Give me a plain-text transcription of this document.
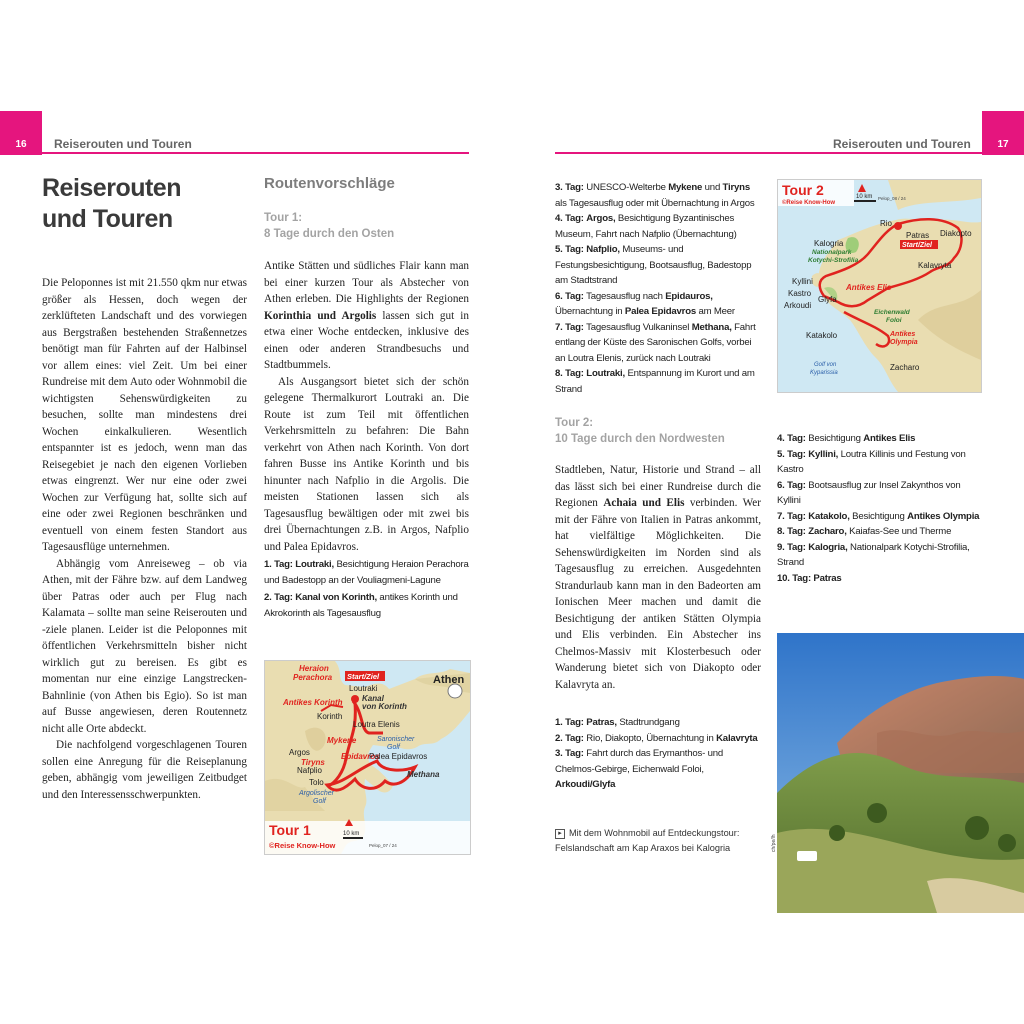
16	Reiserouten und Touren
Reiserouten
und Touren

Die Peloponnes ist mit 21.550 qkm nur etwas größer als Hessen, doch wegen der zerklüfteten Landschaft und des vorwiegen aus Bergstraßen bestehenden Straßennetzes benötigt man für Fahrten auf der Halbinsel vor allem eines: viel Zeit. Um bei einer Rundreise mit dem Auto oder Wohnmobil die wichtigsten Sehenswürdigkeiten zu besuchen, sollte man mindestens drei Wochen einkalkulieren. Wesentlich entspannter ist es jedoch, wenn man das Reisegebiet je nach den eigenen Vorlieben etwas eingrenzt. Wer nur eine oder zwei Wochen zur Verfügung hat, sollte sich auf eine oder zwei Regionen beschränken und eventuell von einem festen Standort aus Tagesausflüge unternehmen.

Abhängig vom Anreiseweg – ob via Athen, mit der Fähre bzw. auf dem Landweg über Patras oder auch per Flug nach Kalamata – sollte man seine Reiserouten und -ziele planen. Leider ist die Peloponnes mit öffentlichen Verkehrsmitteln bisher nicht wirklich gut zu bereisen. Es gibt es momentan nur eine einzige Langstrecken-Bahnlinie (von Athen bis Egio). So ist man auf Busse angewiesen, deren Routennetz nicht alle Orte abdeckt.

Die nachfolgend vorgeschlagenen Touren sollen eine Anregung für die Reiseplanung geben, abhängig vom jeweiligen Zeitbudget und den Interessensschwerpunkten.

Routenvorschläge
Tour 1:
8 Tage durch den Osten

Antike Stätten und südliches Flair kann man bei einer kurzen Tour als Abstecher von Athen erleben. Die Highlights der Regionen Korinthia und Argolis lassen sich gut in etwa einer Woche entdecken, inklusive des einen oder anderen Strandbesuchs und Stadtbummels.

Als Ausgangsort bietet sich der schön gelegene Thermalkurort Loutraki an. Die Route ist zum Teil mit öffentlichen Verkehrsmitteln zu befahren: Die Bahn verkehrt von Athen nach Korinth. Von dort fahren Busse ins Antike Korinth und bis hinunter nach Nafplio in die Argolis. Die meisten Stationen lassen sich als Tagesausflug bewältigen oder mit zwei bis drei Übernachtungen z.B. in Argos, Nafplio und Palea Epidavros.

1. Tag: Loutraki, Besichtigung Heraion Perachora und Badestopp an der Vouliagmeni-Lagune
2. Tag: Kanal von Korinth, antikes Korinth und Akrokorinth als Tagesausflug
Heraion
Perachora
Antikes Korinth
Mykene
Epidavros
Tiryns
Start/Ziel	Athen
Loutraki
Kanal
von Korinth
Korinth
Loutra Elenis
Saronischer
Golf
Palea Epidavros
Argos
Methana
Nafplio
Tolo
Argolischer
Golf
Tour 1
©Reise Know-How
10 km
Pelop_07 / 24
17
Reiserouten und Touren
3. Tag: UNESCO-Welterbe Mykene und Tiryns als Tagesausflug oder mit Übernachtung in Argos
4. Tag: Argos, Besichtigung Byzantinisches Museum, Fahrt nach Nafplio (Übernachtung)
5. Tag: Nafplio, Museums- und Festungsbesichtigung, Bootsausflug, Badestopp am Stadtstrand
6. Tag: Tagesausflug nach Epidauros, Übernachtung in Palea Epidavros am Meer
7. Tag: Tagesausflug Vulkaninsel Methana, Fahrt entlang der Küste des Saronischen Golfs, vorbei an Loutra Elenis, zurück nach Loutraki
8. Tag: Loutraki, Entspannung im Kurort und am Strand
Tour 2:
10 Tage durch den Nordwesten

Stadtleben, Natur, Historie und Strand – all das lässt sich bei einer Rundreise durch die Regionen Achaia und Elis verbinden. Wer mit der Fähre von Italien in Patras ankommt, hat vielfältige Möglichkeiten. Die Sehenswürdigkeiten im Norden sind als Tagesausflug zu erreichen. Ausgedehnten Strandurlaub kann man in den Badeorten am Ionischen Meer machen und damit die Besichtigung der antiken Stätten Olympia und Elis verbinden. Ein Abstecher ins Chelmos-Massiv mit Klosterbesuch oder Wanderung bietet sich von Diakopto oder Kalavryta an.

1. Tag: Patras, Stadtrundgang
2. Tag: Rio, Diakopto, Übernachtung in Kalavryta
3. Tag: Fahrt durch das Erymanthos- und Chelmos-Gebirge, Eichenwald Foloi, Arkoudi/Glyfa
4. Tag: Besichtigung Antikes Elis
5. Tag: Kyllini, Loutra Killinis und Festung von Kastro
6. Tag: Bootsausflug zur Insel Zakynthos von Kyllini
7. Tag: Katakolo, Besichtigung Antikes Olympia
8. Tag: Zacharo, Kaiafas-See und Therme
9. Tag: Kalogria, Nationalpark Kotychi-Strofilia, Strand
10. Tag: Patras
Tour 2
©Reise Know-How
10 km Pelop_08 / 24
Start/Ziel
Rio
Patras Diakopto
Kalogria
Nationalpark
Kotychi-Strofilia
Kalavryta
Kyllini
Kastro
Glyfa
Arkoudi
Antikes Elis
Eichenwald
Foloi
Katakolo	Antikes
Olympia
Golf von
Kyparissia
Zacharo
ch/pe/lh
▸ Mit dem Wohnmobil auf Entdeckungstour:
Felslandschaft am Kap Araxos bei Kalogria
